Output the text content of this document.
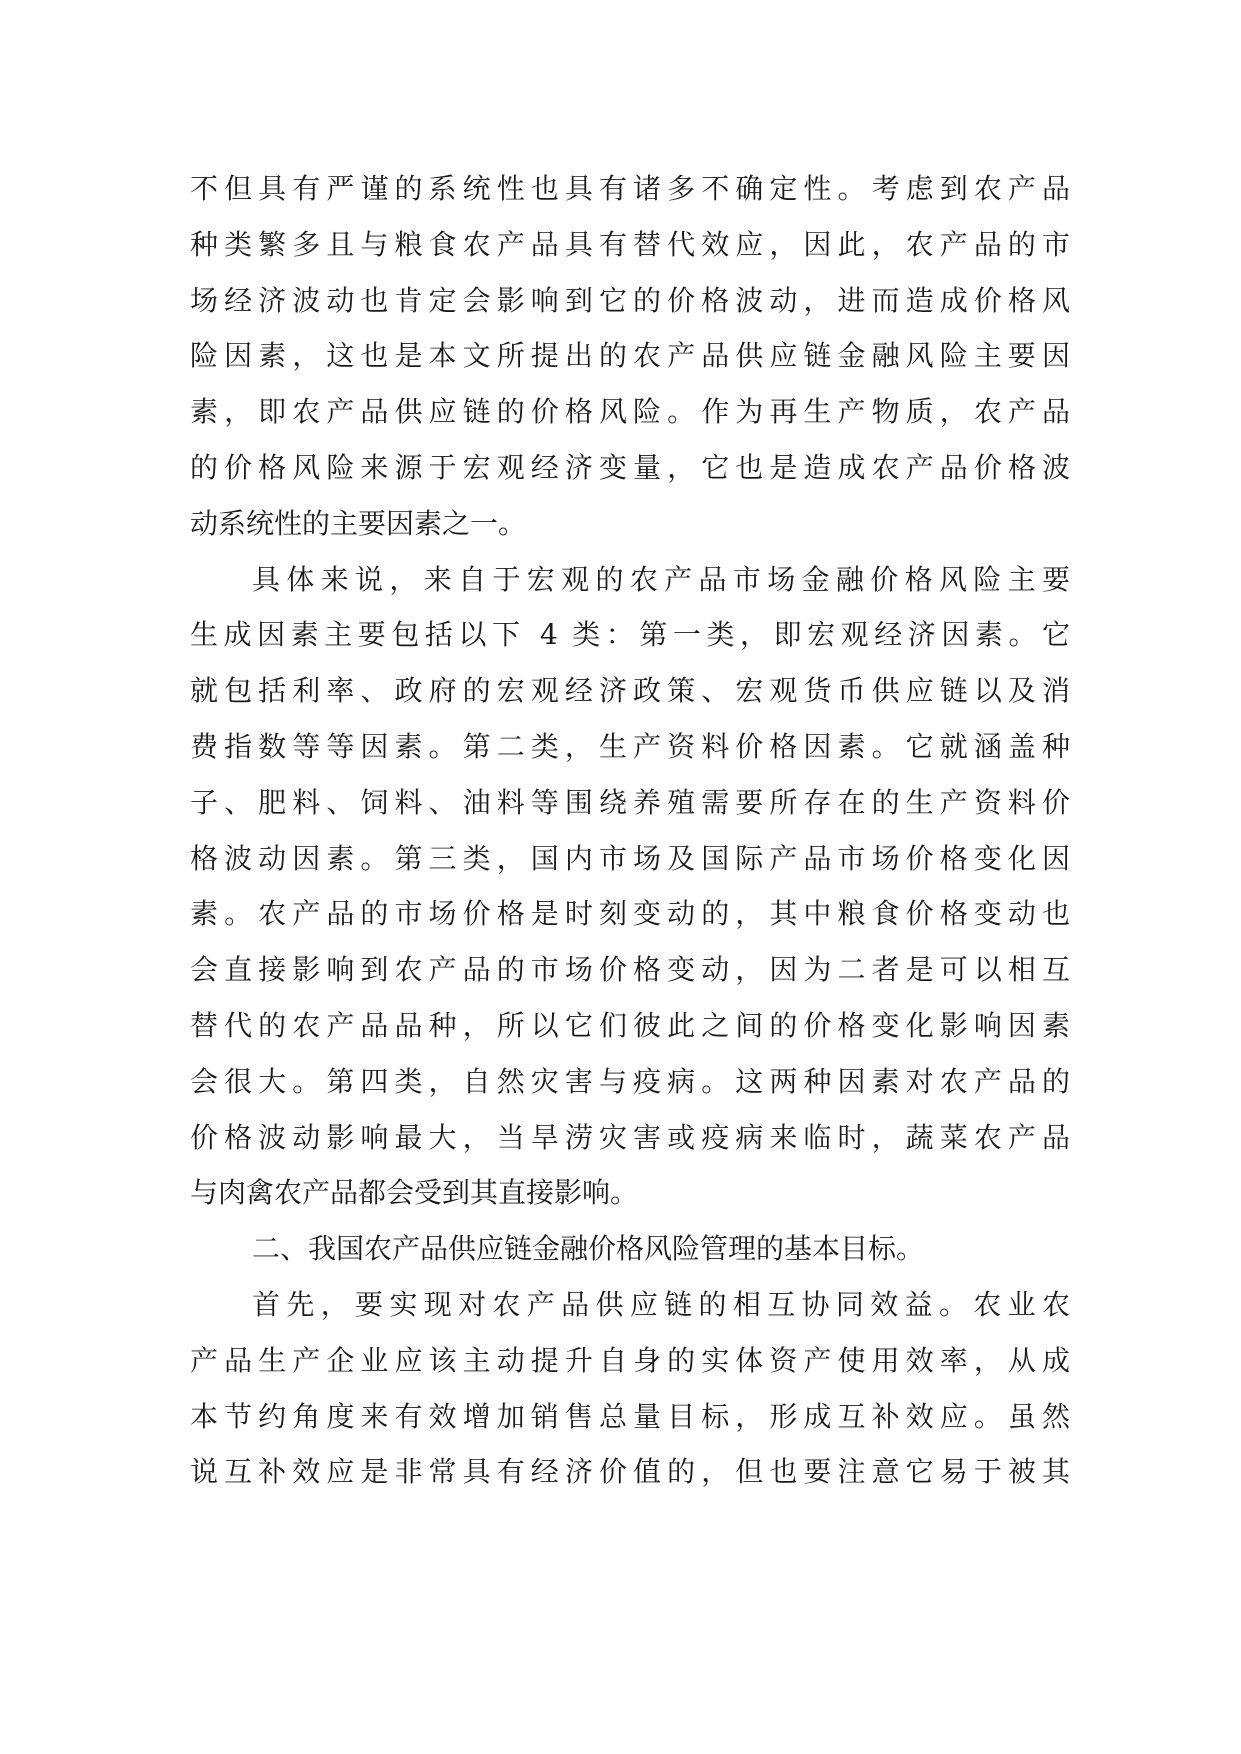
不但具有严谨的系统性也具有诸多不确定性。考虑到农产品
种类繁多且与粮食农产品具有替代效应，因此，农产品的市
场经济波动也肯定会影响到它的价格波动，进而造成价格风
险因素，这也是本文所提出的农产品供应链金融风险主要因
素，即农产品供应链的价格风险。作为再生产物质，农产品
的价格风险来源于宏观经济变量，它也是造成农产品价格波
动系统性的主要因素之一。
具体来说，来自于宏观的农产品市场金融价格风险主要
生成因素主要包括以下 4 类：第一类，即宏观经济因素。它
就包括利率、政府的宏观经济政策、宏观货币供应链以及消
费指数等等因素。第二类，生产资料价格因素。它就涵盖种
子、肥料、饲料、油料等围绕养殖需要所存在的生产资料价
格波动因素。第三类，国内市场及国际产品市场价格变化因
素。农产品的市场价格是时刻变动的，其中粮食价格变动也
会直接影响到农产品的市场价格变动，因为二者是可以相互
替代的农产品品种，所以它们彼此之间的价格变化影响因素
会很大。第四类，自然灾害与疫病。这两种因素对农产品的
价格波动影响最大，当旱涝灾害或疫病来临时，蔬菜农产品
与肉禽农产品都会受到其直接影响。
二、我国农产品供应链金融价格风险管理的基本目标。
首先，要实现对农产品供应链的相互协同效益。农业农
产品生产企业应该主动提升自身的实体资产使用效率，从成
本节约角度来有效增加销售总量目标，形成互补效应。虽然
说互补效应是非常具有经济价值的，但也要注意它易于被其
